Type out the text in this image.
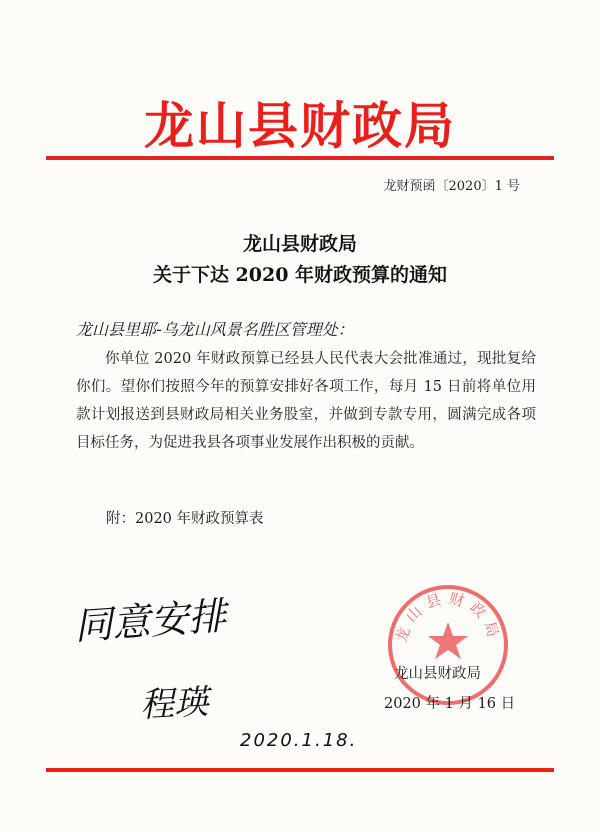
龙山县财政局
龙财预函〔2020〕1 号
龙山县财政局
关于下达 2020 年财政预算的通知
龙山县里耶-乌龙山风景名胜区管理处：
你单位 2020 年财政预算已经县人民代表大会批准通过，现批复给你们。望你们按照今年的预算安排好各项工作，每月 15 日前将单位用款计划报送到县财政局相关业务股室，并做到专款专用，圆满完成各项目标任务，为促进我县各项事业发展作出积极的贡献。
附：2020 年财政预算表
同意安排
程瑛
2020.1.18.
龙山县财政局
龙山县财政局
2020 年 1 月 16 日
